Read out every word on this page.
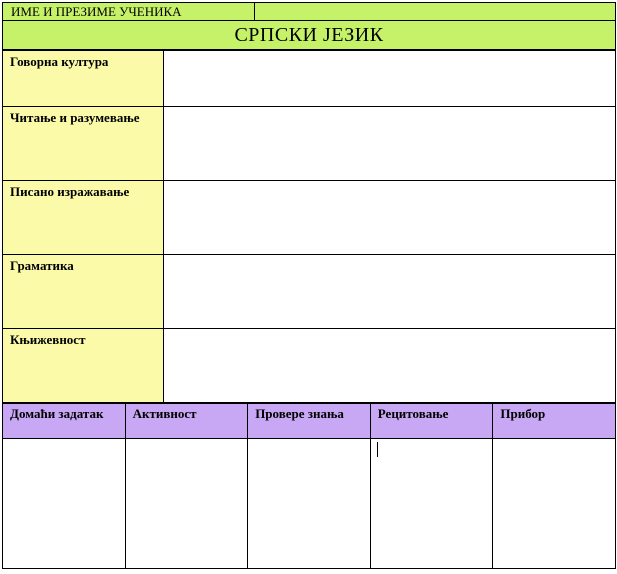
ИМЕ И ПРЕЗИМЕ УЧЕНИКА	
СРПСКИ ЈЕЗИК
Говорна култура	
Читање и разумевање	
Писано изражавање	
Граматика	
Књижевност	
Домаћи задатак	Активност	Провере знања	Рецитовање	Прибор
